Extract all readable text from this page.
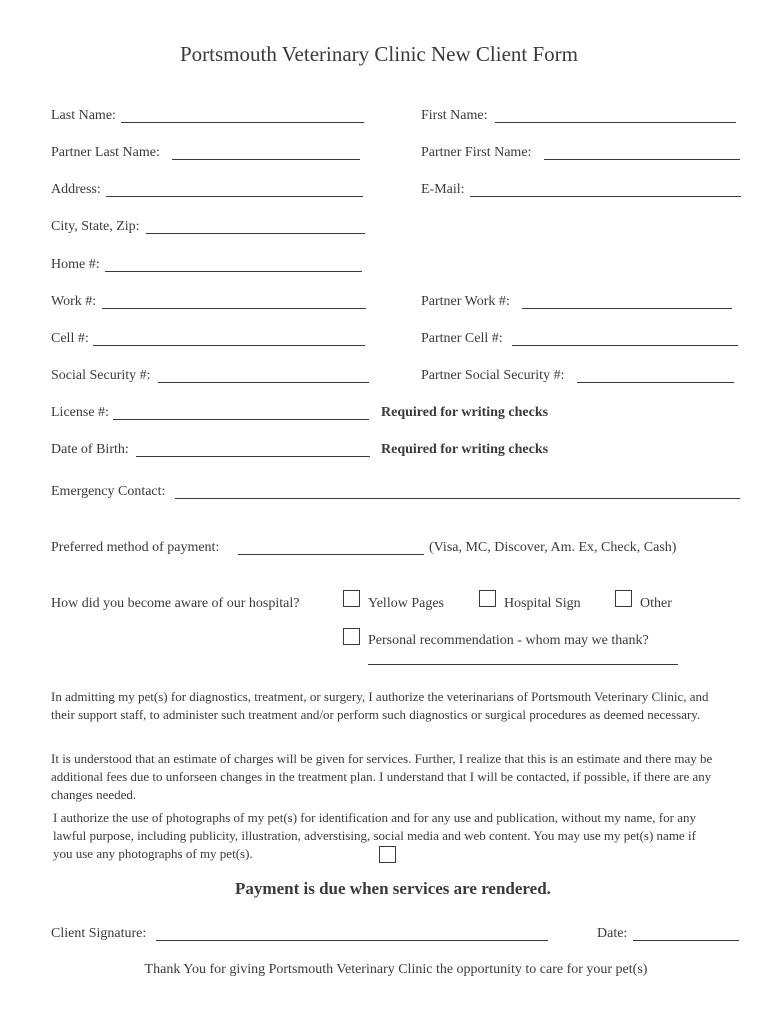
Portsmouth Veterinary Clinic New Client Form
Last Name:	First Name:
Partner Last Name:	Partner First Name:
Address:	E-Mail:
City, State, Zip:
Home #:
Work #:	Partner Work #:
Cell #:	Partner Cell #:
Social Security #:	Partner Social Security #:
License #:	Required for writing checks
Date of Birth:	Required for writing checks
Emergency Contact:
Preferred method of payment:	(Visa, MC, Discover, Am. Ex, Check, Cash)
How did you become aware of our hospital?	Yellow Pages	Hospital Sign	Other
Personal recommendation - whom may we thank?
In admitting my pet(s) for diagnostics, treatment, or surgery, I authorize the veterinarians of Portsmouth Veterinary Clinic, and their support staff, to administer such treatment and/or perform such diagnostics or surgical procedures as deemed necessary.
It is understood that an estimate of charges will be given for services. Further, I realize that this is an estimate and there may be additional fees due to unforseen changes in the treatment plan. I understand that I will be contacted, if possible, if there are any changes needed.
I authorize the use of photographs of my pet(s) for identification and for any use and publication, without my name, for any lawful purpose, including publicity, illustration, adverstising, social media and web content. You may use my pet(s) name if you use any photographs of my pet(s).
Payment is due when services are rendered.
Client Signature:	Date:
Thank You for giving Portsmouth Veterinary Clinic the opportunity to care for your pet(s)
